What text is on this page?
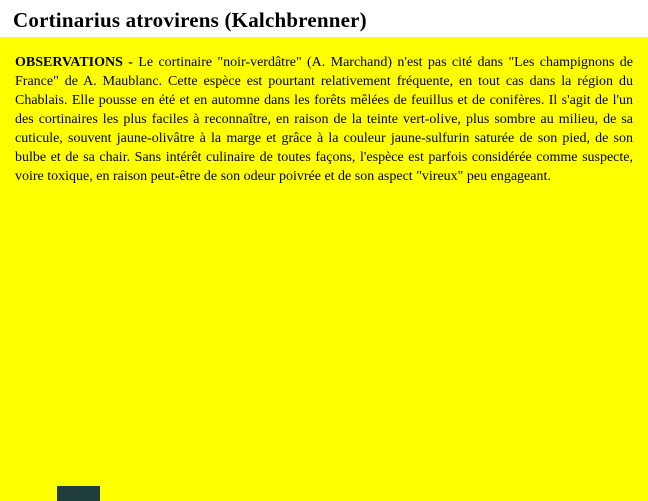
Cortinarius atrovirens (Kalchbrenner)

OBSERVATIONS - Le cortinaire "noir-verdâtre" (A. Marchand) n'est pas cité dans "Les champignons de France" de A. Maublanc. Cette espèce est pourtant relativement fréquente, en tout cas dans la région du Chablais. Elle pousse en été et en automne dans les forêts mêlées de feuillus et de conifères. Il s'agit de l'un des cortinaires les plus faciles à reconnaître, en raison de la teinte vert-olive, plus sombre au milieu, de sa cuticule, souvent jaune-olivâtre à la marge et grâce à la couleur jaune-sulfurin saturée de son pied, de son bulbe et de sa chair. Sans intérêt culinaire de toutes façons, l'espèce est parfois considérée comme suspecte, voire toxique, en raison peut-être de son odeur poivrée et de son aspect "vireux" peu engageant.
